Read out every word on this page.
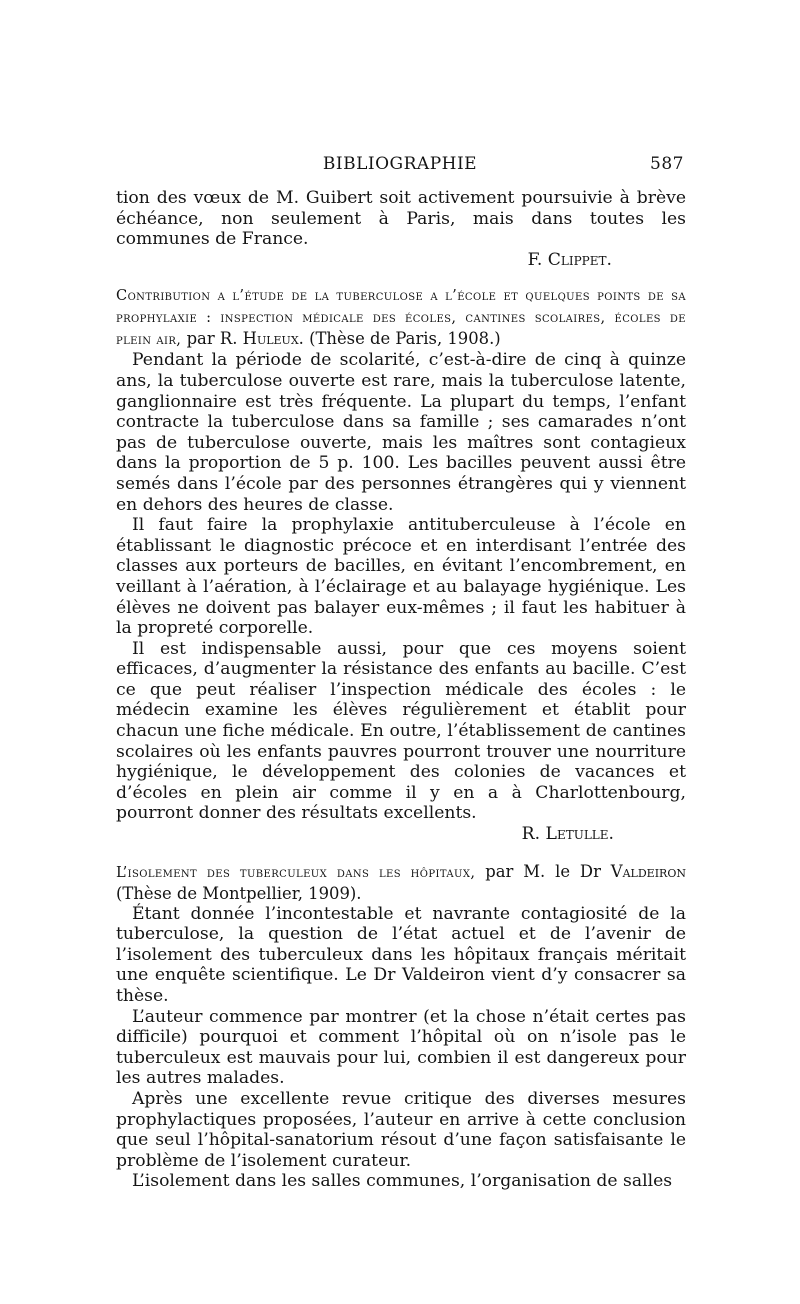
BIBLIOGRAPHIE	587

tion des vœux de M. Guibert soit activement poursuivie à brève échéance, non seulement à Paris, mais dans toutes les communes de France.

F. Clippet.

Contribution a l’étude de la tuberculose a l’école et quelques points de sa prophylaxie : inspection médicale des écoles, cantines scolaires, écoles de plein air, par R. Huleux. (Thèse de Paris, 1908.)

Pendant la période de scolarité, c’est-à-dire de cinq à quinze ans, la tuberculose ouverte est rare, mais la tuberculose latente, ganglionnaire est très fréquente. La plupart du temps, l’enfant contracte la tuberculose dans sa famille ; ses camarades n’ont pas de tuberculose ouverte, mais les maîtres sont contagieux dans la proportion de 5 p. 100. Les bacilles peuvent aussi être semés dans l’école par des personnes étrangères qui y viennent en dehors des heures de classe.

Il faut faire la prophylaxie antituberculeuse à l’école en établissant le diagnostic précoce et en interdisant l’entrée des classes aux porteurs de bacilles, en évitant l’encombrement, en veillant à l’aération, à l’éclairage et au balayage hygiénique. Les élèves ne doivent pas balayer eux-mêmes ; il faut les habituer à la propreté corporelle.

Il est indispensable aussi, pour que ces moyens soient efficaces, d’augmenter la résistance des enfants au bacille. C’est ce que peut réaliser l’inspection médicale des écoles : le médecin examine les élèves régulièrement et établit pour chacun une fiche médicale. En outre, l’établissement de cantines scolaires où les enfants pauvres pourront trouver une nourriture hygiénique, le développement des colonies de vacances et d’écoles en plein air comme il y en a à Charlottenbourg, pourront donner des résultats excellents.

R. Letulle.

L’isolement des tuberculeux dans les hôpitaux, par M. le Dr Valdeiron (Thèse de Montpellier, 1909).

Étant donnée l’incontestable et navrante contagiosité de la tuberculose, la question de l’état actuel et de l’avenir de l’isolement des tuberculeux dans les hôpitaux français méritait une enquête scientifique. Le Dr Valdeiron vient d’y consacrer sa thèse.

L’auteur commence par montrer (et la chose n’était certes pas difficile) pourquoi et comment l’hôpital où on n’isole pas le tuberculeux est mauvais pour lui, combien il est dangereux pour les autres malades.

Après une excellente revue critique des diverses mesures prophylactiques proposées, l’auteur en arrive à cette conclusion que seul l’hôpital-sanatorium résout d’une façon satisfaisante le problème de l’isolement curateur.

L’isolement dans les salles communes, l’organisation de salles
